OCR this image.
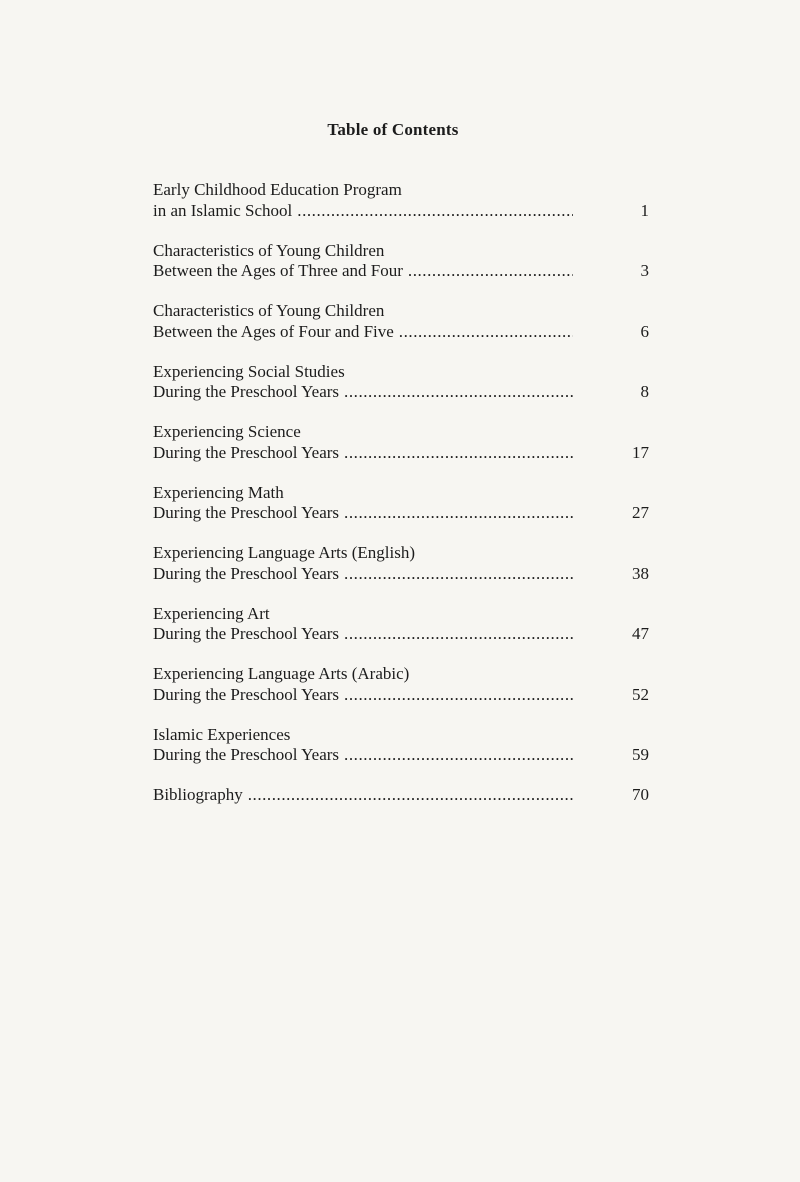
Table of Contents
Early Childhood Education Program
in an Islamic School .....	1
Characteristics of Young Children
Between the Ages of Three and Four .....	3
Characteristics of Young Children
Between the Ages of Four and Five .....	6
Experiencing Social Studies
During the Preschool Years .....	8
Experiencing Science
During the Preschool Years .....	17
Experiencing Math
During the Preschool Years .....	27
Experiencing Language Arts (English)
During the Preschool Years .....	38
Experiencing Art
During the Preschool Years .....	47
Experiencing Language Arts (Arabic)
During the Preschool Years .....	52
Islamic Experiences
During the Preschool Years .....	59
Bibliography .....	70
